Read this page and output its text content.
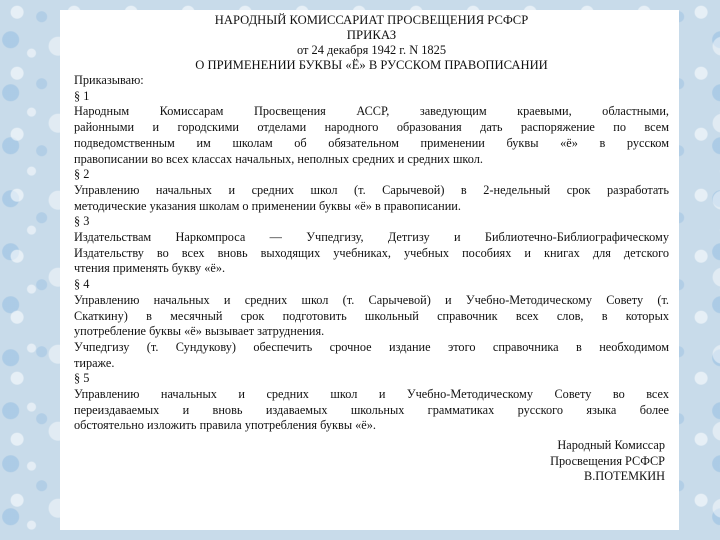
НАРОДНЫЙ КОМИССАРИАТ ПРОСВЕЩЕНИЯ РСФСР
ПРИКАЗ
от 24 декабря 1942 г. N 1825
О ПРИМЕНЕНИИ БУКВЫ «Ё» В РУССКОМ ПРАВОПИСАНИИ
Приказываю:
§ 1
Народным Комиссарам Просвещения АССР, заведующим краевыми, областными,
районными и городскими отделами народного образования дать распоряжение по всем
подведомственным им школам об обязательном применении буквы «ё» в русском
правописании во всех классах начальных, неполных средних и средних школ.
§ 2
Управлению начальных и средних школ (т. Сарычевой) в 2-недельный срок разработать
методические указания школам о применении буквы «ё» в правописании.
§ 3
Издательствам Наркомпроса — Учпедгизу, Детгизу и Библиотечно-Библиографическому
Издательству во всех вновь выходящих учебниках, учебных пособиях и книгах для детского
чтения применять букву «ё».
§ 4
Управлению начальных и средних школ (т. Сарычевой) и Учебно-Методическому Совету (т.
Скаткину) в месячный срок подготовить школьный справочник всех слов, в которых
употребление буквы «ё» вызывает затруднения.
Учпедгизу (т. Сундукову) обеспечить срочное издание этого справочника в необходимом
тираже.
§ 5
Управлению начальных и средних школ и Учебно-Методическому Совету во всех
переиздаваемых и вновь издаваемых школьных грамматиках русского языка более
обстоятельно изложить правила употребления буквы «ё».
Народный Комиссар
Просвещения РСФСР
В.ПОТЕМКИН
